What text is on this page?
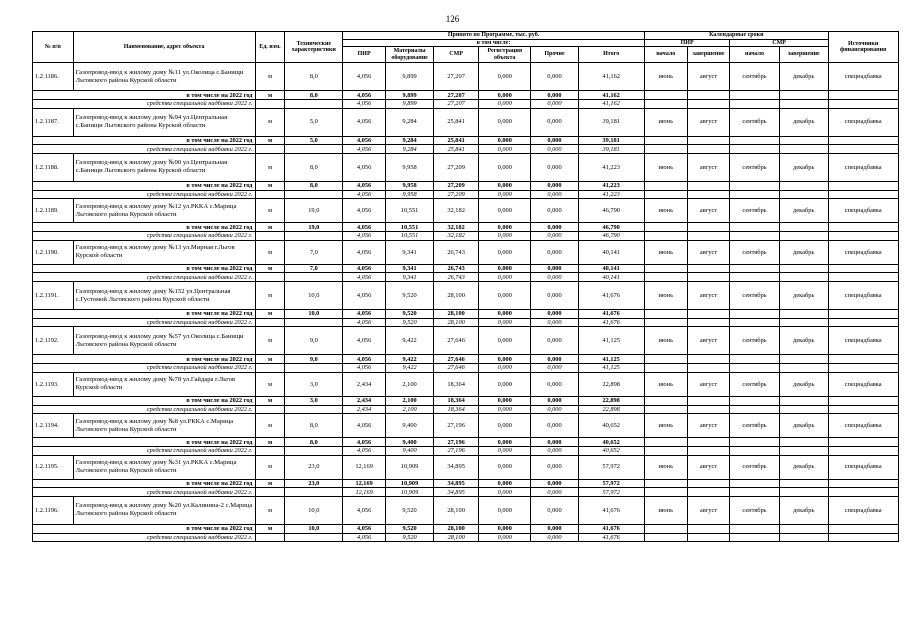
126
№ п/п	Наименование, адрес объекта	Ед. изм.	Технические характеристики	Принято по Программе, тыс. руб.						Календарные сроки				Источники финансирования	
				в том числе:						ПИР		СМР			
				ПИР	Материалы оборудование	СМР	Регистрация объекта	Прочие	Итого	начало	завершение	начало	завершение		
1.2.1186.	Газопровод-ввод к жилому дому №11 ул.Околица с.Банищи Льговского района Курской области	м	8,0	4,056	9,899	27,207	0,000	0,000	41,162	июнь	август	сентябрь	декабрь	спецнадбавка	
в том числе на 2022 год		м	8,0	4,056	9,899	27,207	0,000	0,000	41,162						
средства специальной надбавки 2022 г.				4,056	9,899	27,207	0,000	0,000	41,162						
1.2.1187.	Газопровод-ввод к жилому дому №94 ул.Центральная с.Банищи Льговского района Курской области	м	5,0	4,056	9,284	25,841	0,000	0,000	39,181	июнь	август	сентябрь	декабрь	спецнадбавка	
в том числе на 2022 год		м	5,0	4,056	9,284	25,841	0,000	0,000	39,181						
средства специальной надбавки 2022 г.				4,056	9,284	25,841	0,000	0,000	39,181						
1.2.1188.	Газопровод-ввод к жилому дому №90 ул.Центральная с.Банищи Льговского района Курской области	м	8,0	4,056	9,958	27,209	0,000	0,000	41,223	июнь	август	сентябрь	декабрь	спецнадбавка	
в том числе на 2022 год		м	8,0	4,056	9,958	27,209	0,000	0,000	41,223						
средства специальной надбавки 2022 г.				4,056	9,958	27,209	0,000	0,000	41,223						
1.2.1189.	Газопровод-ввод к жилому дому №12 ул.РККА с.Марица Льговского района Курской области	м	19,0	4,056	10,551	32,182	0,000	0,000	46,790	июнь	август	сентябрь	декабрь	спецнадбавка	
в том числе на 2022 год		м	19,0	4,056	10,551	32,182	0,000	0,000	46,790						
средства специальной надбавки 2022 г.				4,056	10,551	32,182	0,000	0,000	46,790						
1.2.1190.	Газопровод-ввод к жилому дому №13 ул.Мирная г.Льгов Курской области	м	7,0	4,056	9,341	26,743	0,000	0,000	40,141	июнь	август	сентябрь	декабрь	спецнадбавка	
в том числе на 2022 год		м	7,0	4,056	9,341	26,743	0,000	0,000	40,141						
средства специальной надбавки 2022 г.				4,056	9,341	26,743	0,000	0,000	40,141						
1.2.1191.	Газопровод-ввод к жилому дому №152 ул.Центральная с.Густомой Льговского района Курской области	м	10,0	4,056	9,520	28,100	0,000	0,000	41,676	июнь	август	сентябрь	декабрь	спецнадбавка	
в том числе на 2022 год		м	10,0	4,056	9,520	28,100	0,000	0,000	41,676						
средства специальной надбавки 2022 г.				4,056	9,520	28,100	0,000	0,000	41,676						
1.2.1192.	Газопровод-ввод к жилому дому №57 ул.Околица с.Банищи Льговского района Курской области	м	9,0	4,056	9,422	27,646	0,000	0,000	41,125	июнь	август	сентябрь	декабрь	спецнадбавка	
в том числе на 2022 год		м	9,0	4,056	9,422	27,646	0,000	0,000	41,125						
средства специальной надбавки 2022 г.				4,056	9,422	27,646	0,000	0,000	41,125						
1.2.1193.	Газопровод-ввод к жилому дому №78 ул.Гайдара г.Льгов Курской области	м	3,0	2,434	2,100	18,364	0,000	0,000	22,898	июнь	август	сентябрь	декабрь	спецнадбавка	
в том числе на 2022 год		м	3,0	2,434	2,100	18,364	0,000	0,000	22,898						
средства специальной надбавки 2022 г.				2,434	2,100	18,364	0,000	0,000	22,898						
1.2.1194.	Газопровод-ввод к жилому дому №8 ул.РККА с.Марица Льговского района Курской области	м	8,0	4,056	9,400	27,196	0,000	0,000	40,652	июнь	август	сентябрь	декабрь	спецнадбавка	
в том числе на 2022 год		м	8,0	4,056	9,400	27,196	0,000	0,000	40,652						
средства специальной надбавки 2022 г.				4,056	9,400	27,196	0,000	0,000	40,652						
1.2.1195.	Газопровод-ввод к жилому дому №31 ул.РККА с.Марица Льговского района Курской области	м	23,0	12,169	10,909	34,895	0,000	0,000	57,972	июнь	август	сентябрь	декабрь	спецнадбавка	
в том числе на 2022 год		м	23,0	12,169	10,909	34,895	0,000	0,000	57,972						
средства специальной надбавки 2022 г.				12,169	10,909	34,895	0,000	0,000	57,972						
1.2.1196.	Газопровод-ввод к жилому дому №20 ул.Калинина-2 с.Марица Льговского района Курской области	м	10,0	4,056	9,520	28,100	0,000	0,000	41,676	июнь	август	сентябрь	декабрь	спецнадбавка	
в том числе на 2022 год		м	10,0	4,056	9,520	28,100	0,000	0,000	41,676						
средства специальной надбавки 2022 г.				4,056	9,520	28,100	0,000	0,000	41,676						
